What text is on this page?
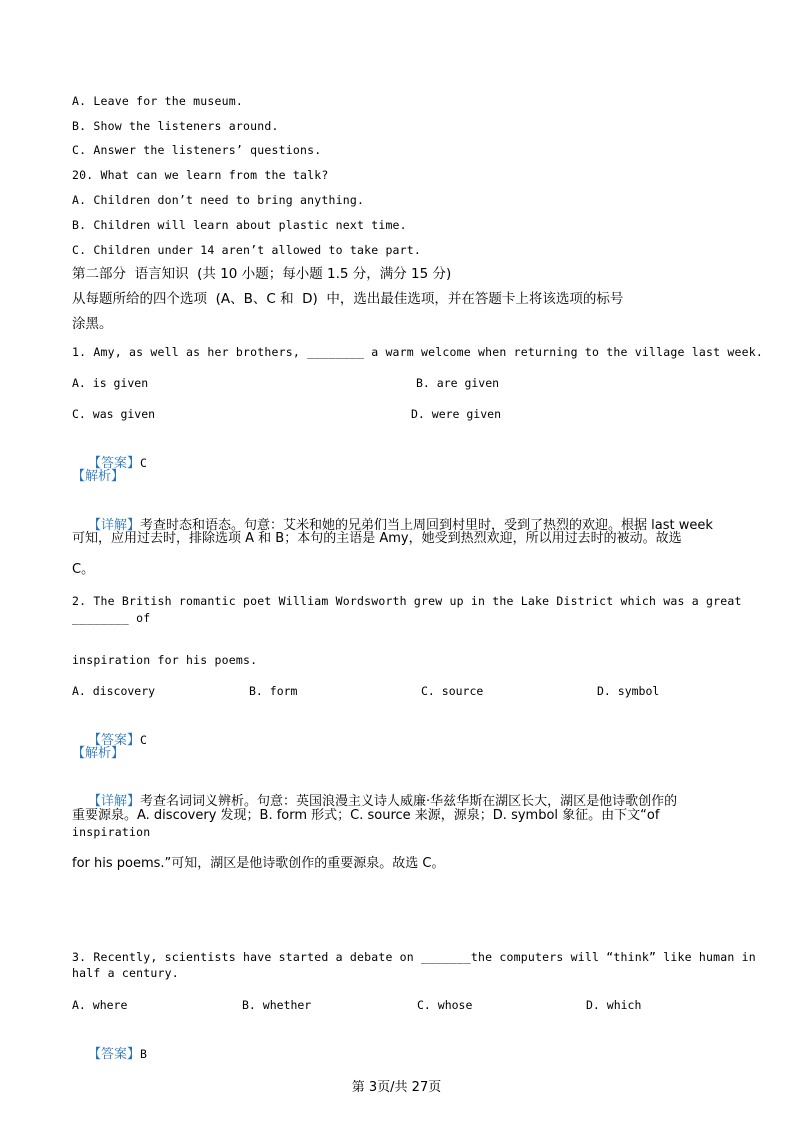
A. Leave for the museum.
B. Show the listeners around.
C. Answer the listeners’ questions.
20. What can we learn from the talk?
A. Children don’t need to bring anything.
B. Children will learn about plastic next time.
C. Children under 14 aren’t allowed to take part.
第二部分  语言知识  (共 10 小题；每小题 1.5 分，满分 15 分)
从每题所给的四个选项  (A、B、C 和  D)  中，选出最佳选项，并在答题卡上将该选项的标号
涂黑。
1. Amy, as well as her brothers, ________ a warm welcome when returning to the village last week.
A. is given	B. are given
C. was given	D. were given

【答案】C

【解析】

【详解】考查时态和语态。句意：艾米和她的兄弟们当上周回到村里时，受到了热烈的欢迎。根据 last week

可知，应用过去时，排除选项 A 和 B；本句的主语是 Amy，她受到热烈欢迎，所以用过去时的被动。故选
C。
2. The British romantic poet William Wordsworth grew up in the Lake District which was a great
________ of
inspiration for his poems.
A. discovery	B. form	C. source	D. symbol

【答案】C

【解析】

【详解】考查名词词义辨析。句意：英国浪漫主义诗人威廉·华兹华斯在湖区长大，湖区是他诗歌创作的

重要源泉。A. discovery 发现；B. form 形式；C. source 来源，源泉；D. symbol 象征。由下文“of
inspiration
for his poems.”可知，湖区是他诗歌创作的重要源泉。故选 C。
3. Recently, scientists have started a debate on _______the computers will “think” like human in
half a century.
A. where	B. whether	C. whose	D. which

【答案】B

第 3页/共 27页
